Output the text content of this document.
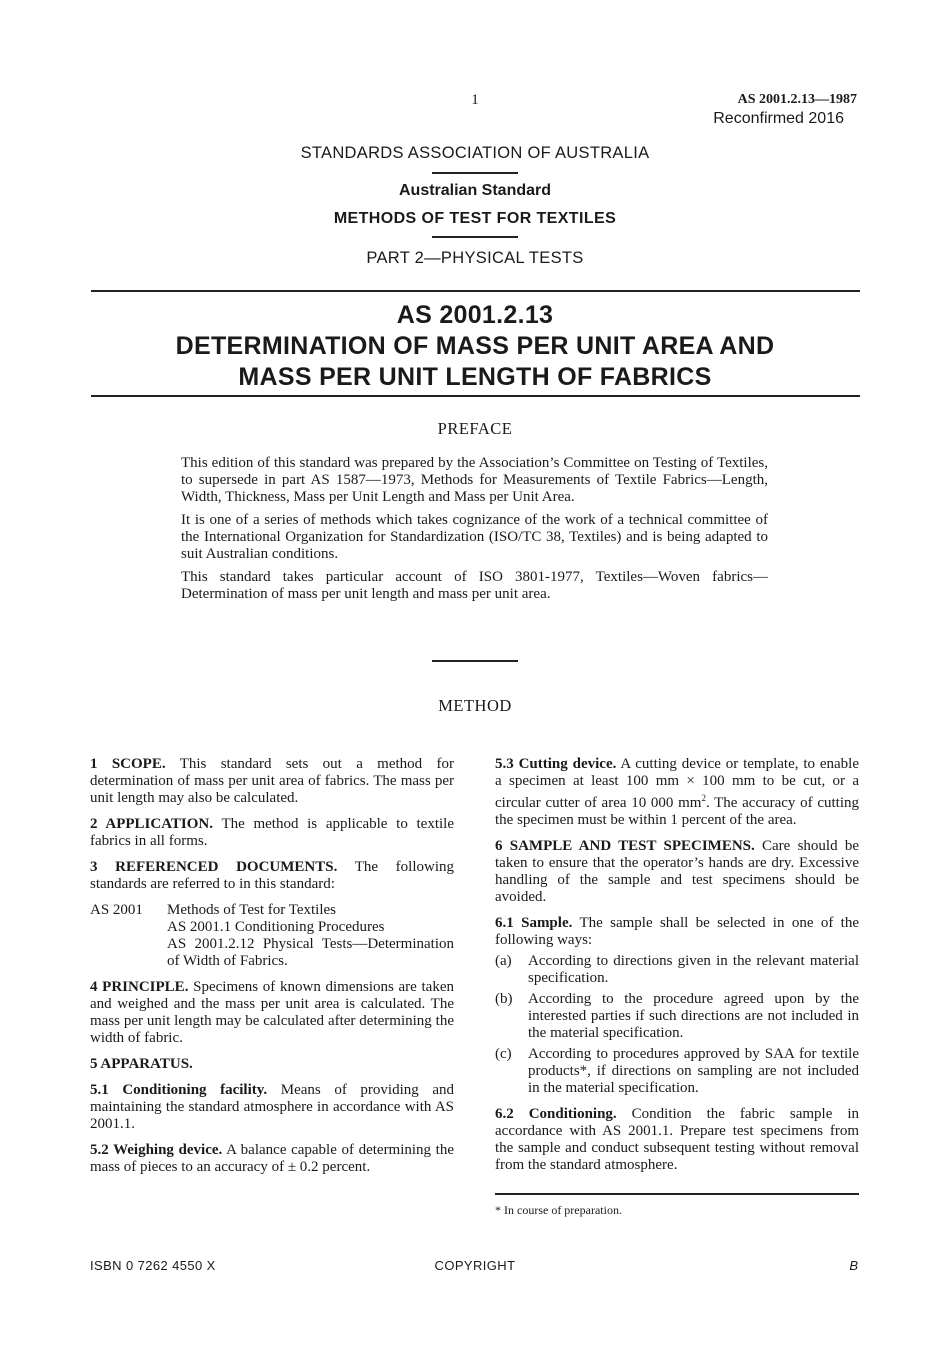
1	AS 2001.2.13—1987
Reconfirmed 2016
STANDARDS ASSOCIATION OF AUSTRALIA
Australian Standard
METHODS OF TEST FOR TEXTILES
PART 2—PHYSICAL TESTS
AS 2001.2.13
DETERMINATION OF MASS PER UNIT AREA AND
MASS PER UNIT LENGTH OF FABRICS
PREFACE

This edition of this standard was prepared by the Association’s Committee on Testing of Textiles, to supersede in part AS 1587—1973, Methods for Measurements of Textile Fabrics—Length, Width, Thickness, Mass per Unit Length and Mass per Unit Area.

It is one of a series of methods which takes cognizance of the work of a technical committee of the International Organization for Standardization (ISO/TC 38, Textiles) and is being adapted to suit Australian conditions.

This standard takes particular account of ISO 3801-1977, Textiles—Woven fabrics—Determination of mass per unit length and mass per unit area.

METHOD

1 SCOPE. This standard sets out a method for determination of mass per unit area of fabrics. The mass per unit length may also be calculated.

2 APPLICATION. The method is applicable to textile fabrics in all forms.

3 REFERENCED DOCUMENTS. The following standards are referred to in this standard:

AS 2001	Methods of Test for Textiles
AS 2001.1 Conditioning Procedures
AS 2001.2.12 Physical Tests—Determination of Width of Fabrics.

4 PRINCIPLE. Specimens of known dimensions are taken and weighed and the mass per unit area is calculated. The mass per unit length may be calculated after determining the width of fabric.

5 APPARATUS.

5.1 Conditioning facility. Means of providing and maintaining the standard atmosphere in accordance with AS 2001.1.

5.2 Weighing device. A balance capable of determining the mass of pieces to an accuracy of ± 0.2 percent.

5.3 Cutting device. A cutting device or template, to enable a specimen at least 100 mm × 100 mm to be cut, or a circular cutter of area 10 000 $mm^2$. The accuracy of cutting the specimen must be within 1 percent of the area.

6 SAMPLE AND TEST SPECIMENS. Care should be taken to ensure that the operator’s hands are dry. Excessive handling of the sample and test specimens should be avoided.

6.1 Sample. The sample shall be selected in one of the following ways:

(a)	According to directions given in the relevant material specification.
(b)	According to the procedure agreed upon by the interested parties if such directions are not included in the material specification.
(c)	According to procedures approved by SAA for textile products*, if directions on sampling are not included in the material specification.

6.2 Conditioning. Condition the fabric sample in accordance with AS 2001.1. Prepare test specimens from the sample and conduct subsequent testing without removal from the standard atmosphere.

* In course of preparation.
ISBN 0 7262 4550 X	COPYRIGHT	B
